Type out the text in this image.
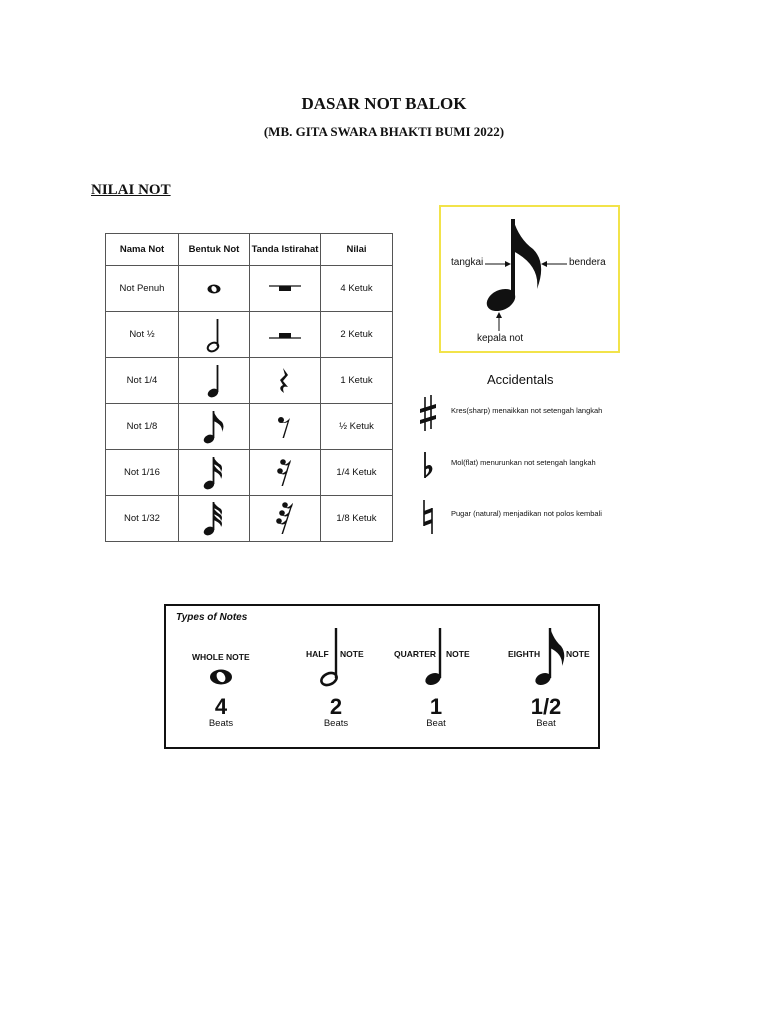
DASAR NOT BALOK
(MB. GITA SWARA BHAKTI BUMI 2022)
NILAI NOT
Nama Not	Bentuk Not	Tanda Istirahat	Nilai
Not Penuh			4 Ketuk
Not ½			2 Ketuk
Not 1/4			1 Ketuk
Not 1/8			½ Ketuk
Not 1/16			1/4 Ketuk
Not 1/32			1/8 Ketuk
tangkai	bendera
kepala not
Accidentals
Kres(sharp) menaikkan not setengah langkah
Mol(flat) menurunkan not setengah langkah
Pugar (natural) menjadikan not polos kembali
Types of Notes
WHOLE NOTE
4
Beats
HALF NOTE
2
Beats
QUARTER NOTE
1
Beat
EIGHTH	NOTE
1/2
Beat
